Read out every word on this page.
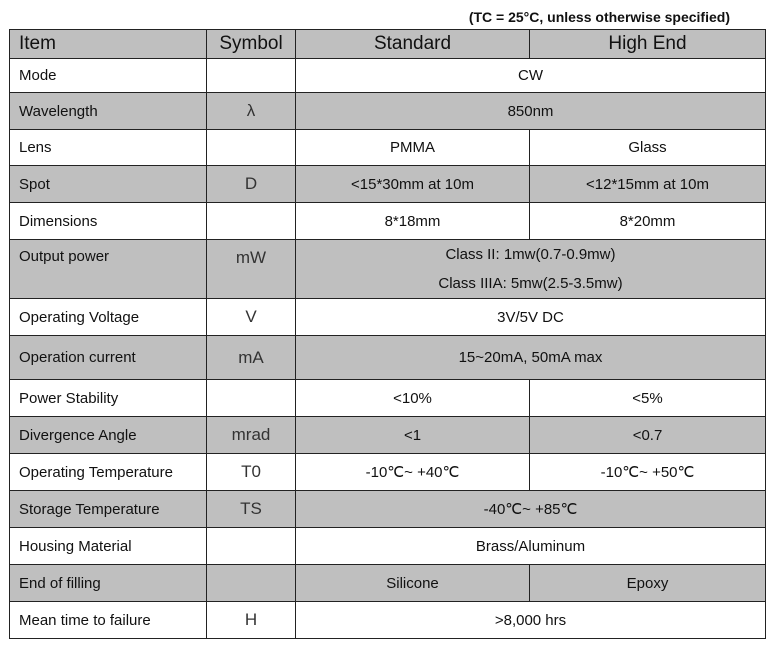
(TC = 25°C, unless otherwise specified)
Item	Symbol	Standard	High End
Mode		CW	
Wavelength	λ	850nm	
Lens		PMMA	Glass
Spot	D	<15*30mm at 10m	<12*15mm at 10m
Dimensions		8*18mm	8*20mm
Output power	mW	Class II: 1mw(0.7-0.9mw)
Class IIIA: 5mw(2.5-3.5mw)	

Operating Voltage	V	3V/5V DC	
Operation current	mA	15~20mA, 50mA max	
Power Stability		<10%	<5%
Divergence Angle	mrad	<1	<0.7
Operating Temperature	T0	-10℃~ +40℃	-10℃~ +50℃
Storage Temperature	TS	-40℃~ +85℃	
Housing Material		Brass/Aluminum	
End of filling		Silicone	Epoxy
Mean time to failure	H	>8,000 hrs	
